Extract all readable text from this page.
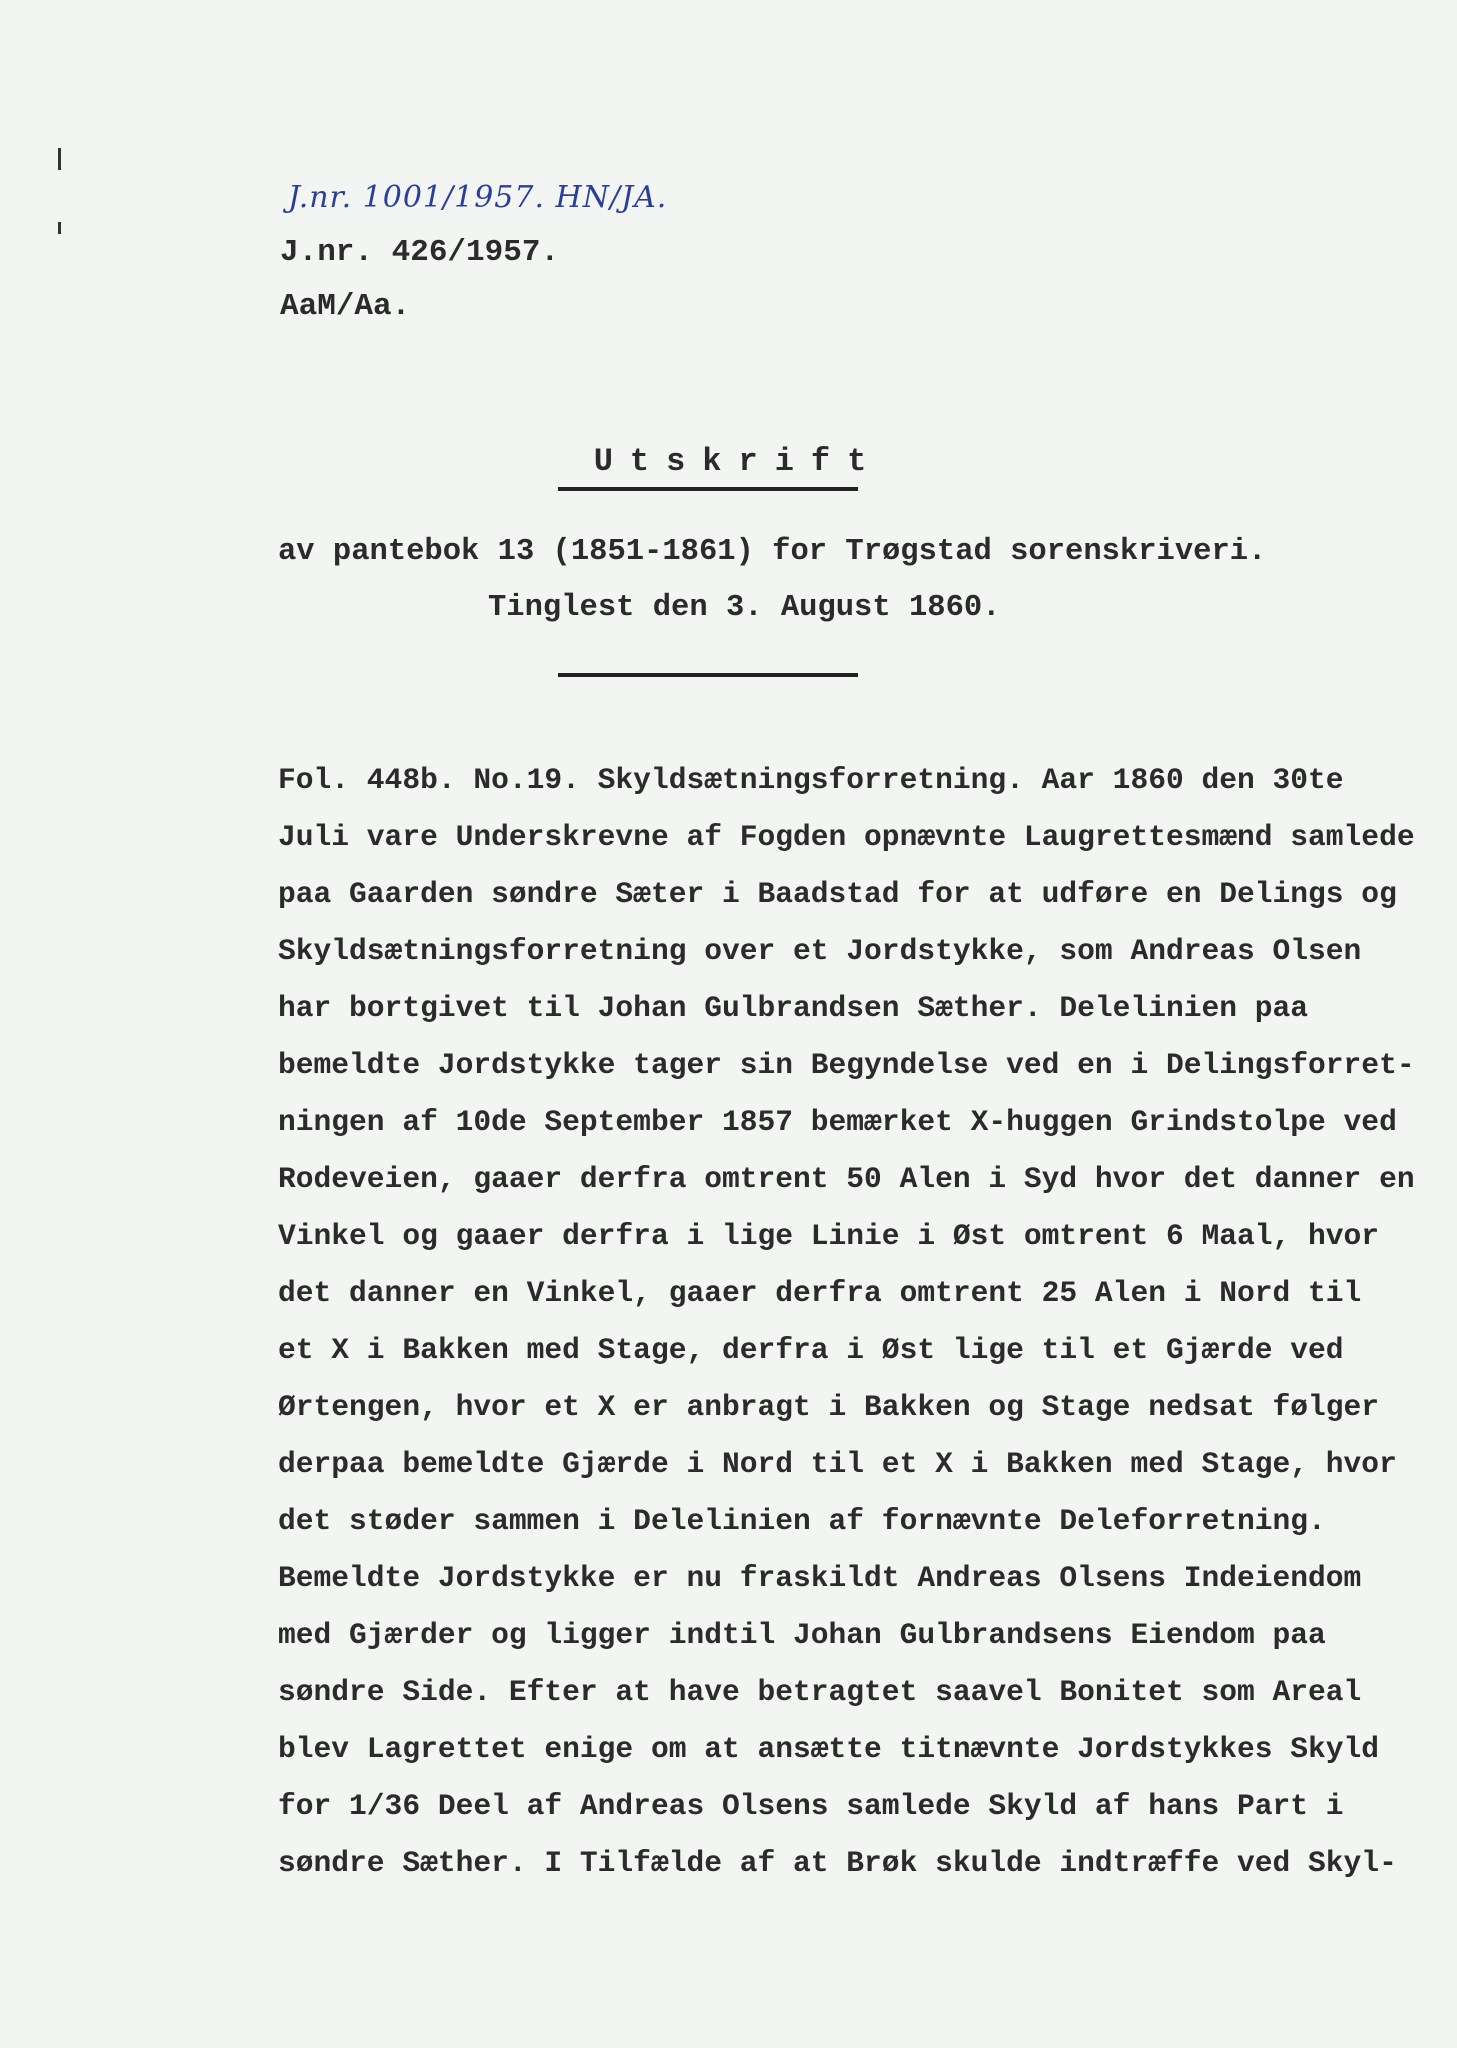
J.nr. 1001/1957. HN/JA.
J.nr. 426/1957.
AaM/Aa.
Utskrift
av pantebok 13 (1851-1861) for Trøgstad sorenskriveri.
Tinglest den 3. August 1860.
Fol. 448b. No.19. Skyldsætningsforretning. Aar 1860 den 30te
Juli vare Underskrevne af Fogden opnævnte Laugrettesmænd samlede
paa Gaarden søndre Sæter i Baadstad for at udføre en Delings og
Skyldsætningsforretning over et Jordstykke, som Andreas Olsen
har bortgivet til Johan Gulbrandsen Sæther. Delelinien paa
bemeldte Jordstykke tager sin Begyndelse ved en i Delingsforret-
ningen af 10de September 1857 bemærket X-huggen Grindstolpe ved
Rodeveien, gaaer derfra omtrent 50 Alen i Syd hvor det danner en
Vinkel og gaaer derfra i lige Linie i Øst omtrent 6 Maal, hvor
det danner en Vinkel, gaaer derfra omtrent 25 Alen i Nord til
et X i Bakken med Stage, derfra i Øst lige til et Gjærde ved
Ørtengen, hvor et X er anbragt i Bakken og Stage nedsat følger
derpaa bemeldte Gjærde i Nord til et X i Bakken med Stage, hvor
det støder sammen i Delelinien af fornævnte Deleforretning.
Bemeldte Jordstykke er nu fraskildt Andreas Olsens Indeiendom
med Gjærder og ligger indtil Johan Gulbrandsens Eiendom paa
søndre Side. Efter at have betragtet saavel Bonitet som Areal
blev Lagrettet enige om at ansætte titnævnte Jordstykkes Skyld
for 1/36 Deel af Andreas Olsens samlede Skyld af hans Part i
søndre Sæther. I Tilfælde af at Brøk skulde indtræffe ved Skyl-
